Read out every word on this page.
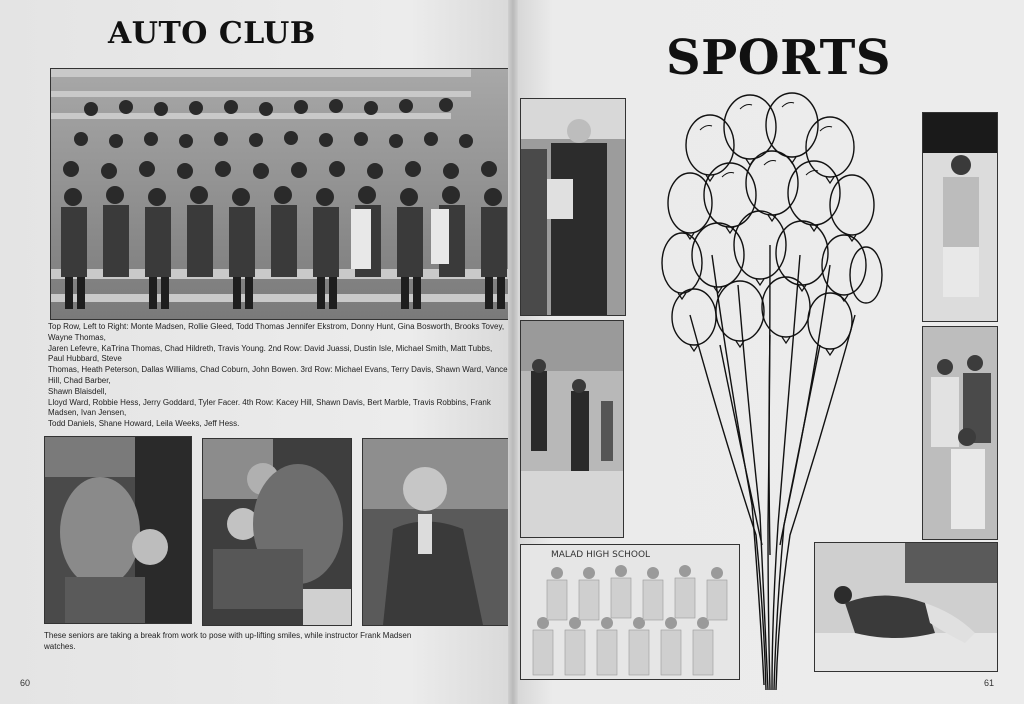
AUTO CLUB
Top Row, Left to Right: Monte Madsen, Rollie Gleed, Todd Thomas Jennifer Ekstrom, Donny Hunt, Gina Bosworth, Brooks Tovey, Wayne Thomas,
Jaren Lefevre, KaTrina Thomas, Chad Hildreth, Travis Young. 2nd Row: David Juassi, Dustin Isle, Michael Smith, Matt Tubbs, Paul Hubbard, Steve
Thomas, Heath Peterson, Dallas Williams, Chad Coburn, John Bowen. 3rd Row: Michael Evans, Terry Davis, Shawn Ward, Vance Hill, Chad Barber,
Shawn Blaisdell,
Lloyd Ward, Robbie Hess, Jerry Goddard, Tyler Facer. 4th Row: Kacey Hill, Shawn Davis, Bert Marble, Travis Robbins, Frank Madsen, Ivan Jensen,
Todd Daniels, Shane Howard, Leila Weeks, Jeff Hess.
These seniors are taking a break from work to pose with up-lifting smiles, while instructor Frank Madsen watches.
60
SPORTS
61
MALAD HIGH SCHOOL
